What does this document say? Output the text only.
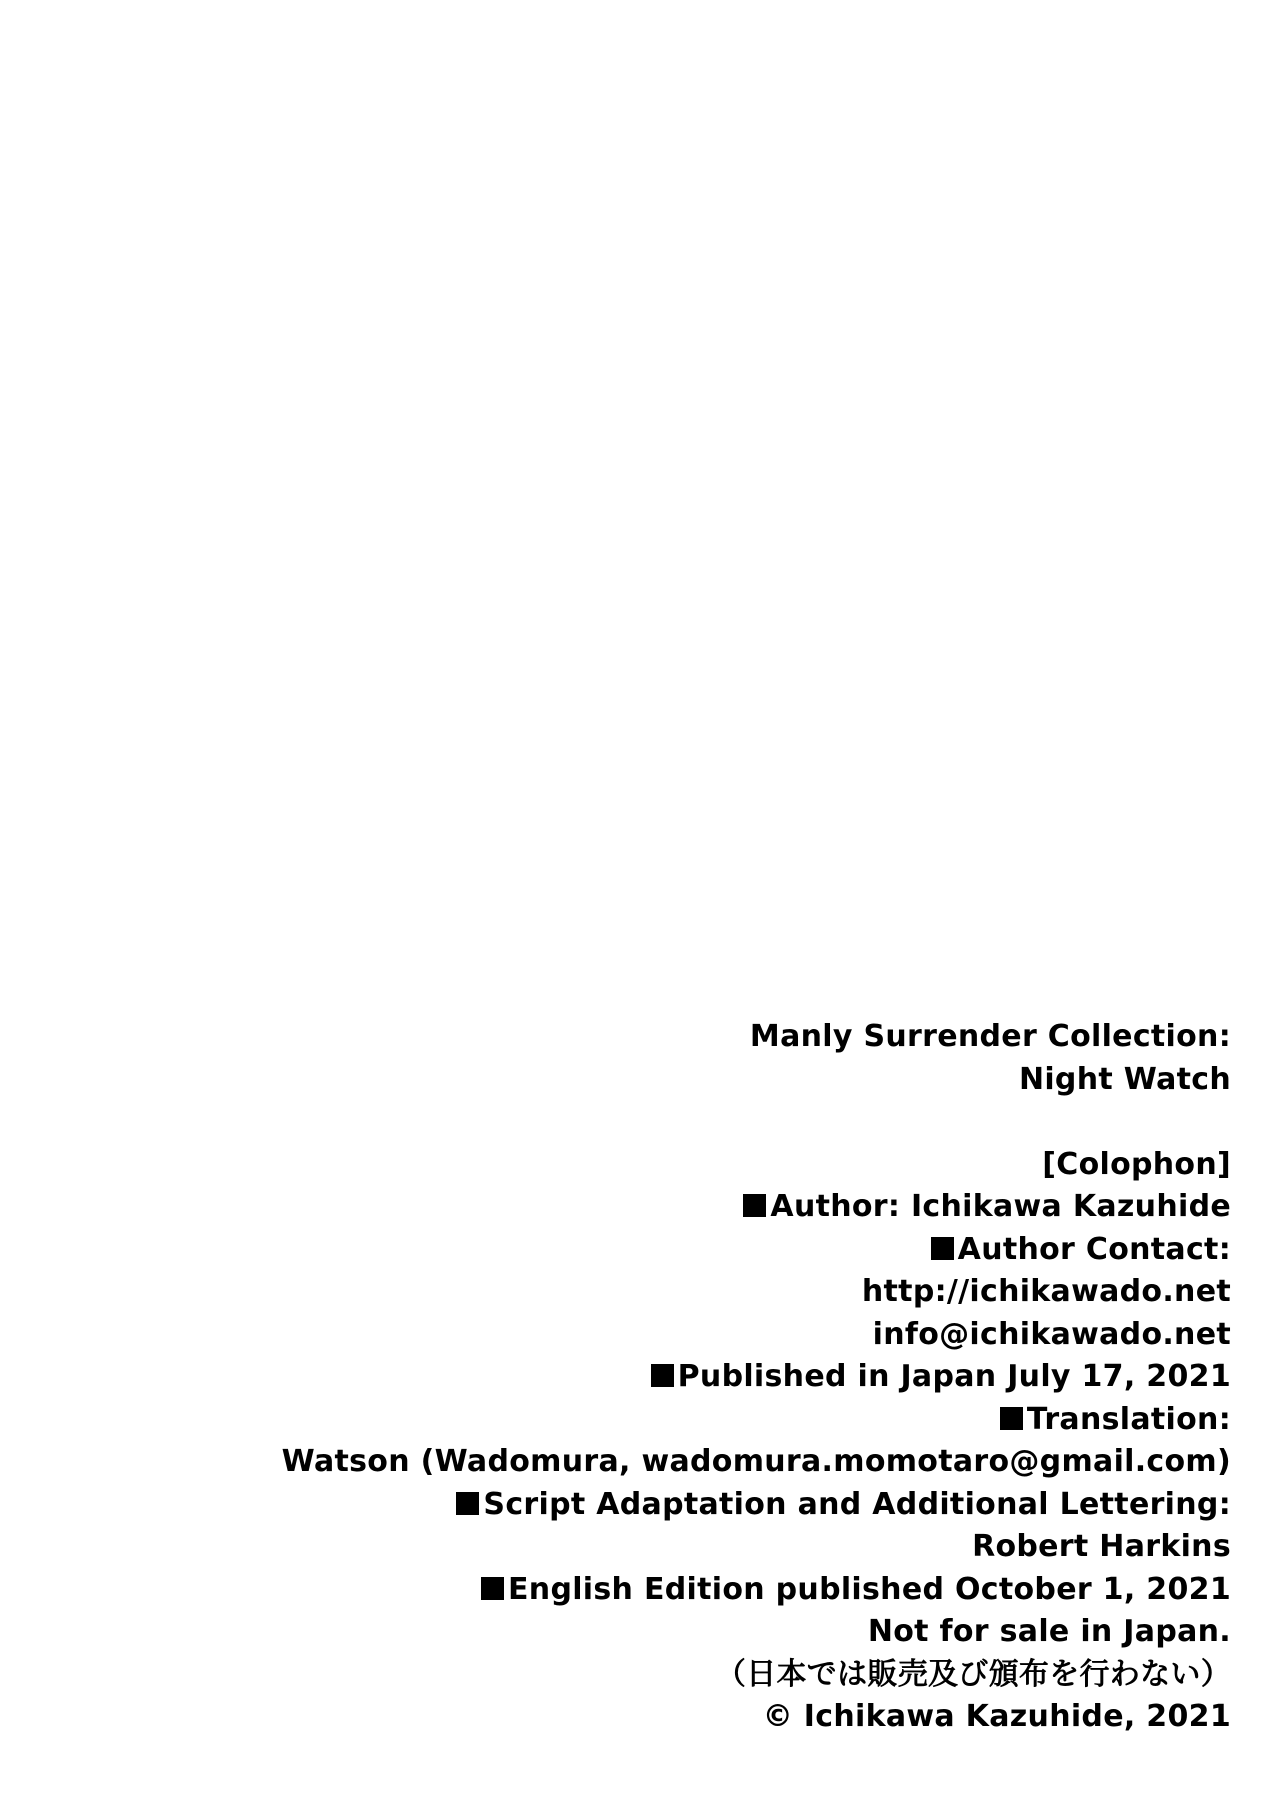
Manly Surrender Collection:
Night Watch
[Colophon]
Author: Ichikawa Kazuhide
Author Contact:
http://ichikawado.net
info@ichikawado.net
Published in Japan July 17, 2021
Translation:
Watson (Wadomura, wadomura.momotaro@gmail.com)
Script Adaptation and Additional Lettering:
Robert Harkins
English Edition published October 1, 2021
Not for sale in Japan.
（日本では販売及び頒布を行わない）
© Ichikawa Kazuhide, 2021
